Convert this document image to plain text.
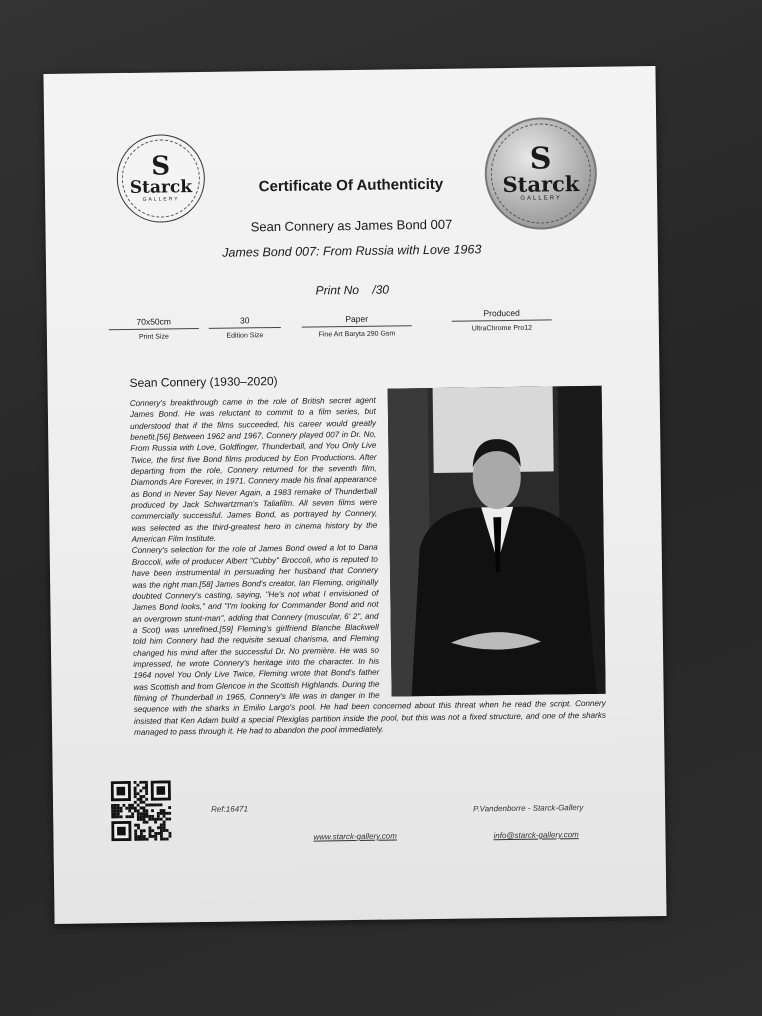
S
Starck
GALLERY
S
Starck
GALLERY
Certificate Of Authenticity
Sean Connery as James Bond 007
James Bond 007: From Russia with Love 1963
Print No    /30
70x50cm
Print Size
30
Edition Size
Paper
Fine Art Baryta 290 Gsm
Produced
UltraChrome Pro12
Sean Connery (1930–2020)
Connery's breakthrough came in the role of British secret agent James Bond. He was reluctant to commit to a film series, but understood that if the films succeeded, his career would greatly benefit.[56] Between 1962 and 1967, Connery played 007 in Dr. No, From Russia with Love, Goldfinger, Thunderball, and You Only Live Twice, the first five Bond films produced by Eon Productions. After departing from the role, Connery returned for the seventh film, Diamonds Are Forever, in 1971. Connery made his final appearance as Bond in Never Say Never Again, a 1983 remake of Thunderball produced by Jack Schwartzman's Taliafilm. All seven films were commercially successful. James Bond, as portrayed by Connery, was selected as the third-greatest hero in cinema history by the American Film Institute.
Connery's selection for the role of James Bond owed a lot to Dana Broccoli, wife of producer Albert "Cubby" Broccoli, who is reputed to have been instrumental in persuading her husband that Connery was the right man.[58] James Bond's creator, Ian Fleming, originally doubted Connery's casting, saying, "He's not what I envisioned of James Bond looks," and "I'm looking for Commander Bond and not an overgrown stunt-man", adding that Connery (muscular, 6' 2", and a Scot) was unrefined.[59] Fleming's girlfriend Blanche Blackwell told him Connery had the requisite sexual charisma, and Fleming changed his mind after the successful Dr. No première. He was so impressed, he wrote Connery's heritage into the character. In his 1964 novel You Only Live Twice, Fleming wrote that Bond's father was Scottish and from Glencoe in the Scottish Highlands. During the filming of Thunderball in 1965, Connery's life was in danger in the sequence with the sharks in Emilio Largo's pool. He had been concerned about this threat when he read the script. Connery insisted that Ken Adam build a special Plexiglas partition inside the pool, but this was not a fixed structure, and one of the sharks managed to pass through it. He had to abandon the pool immediately.
Ref:16471	P.Vandenborre - Starck-Gallery
www.starck-gallery.com	info@starck-gallery.com
